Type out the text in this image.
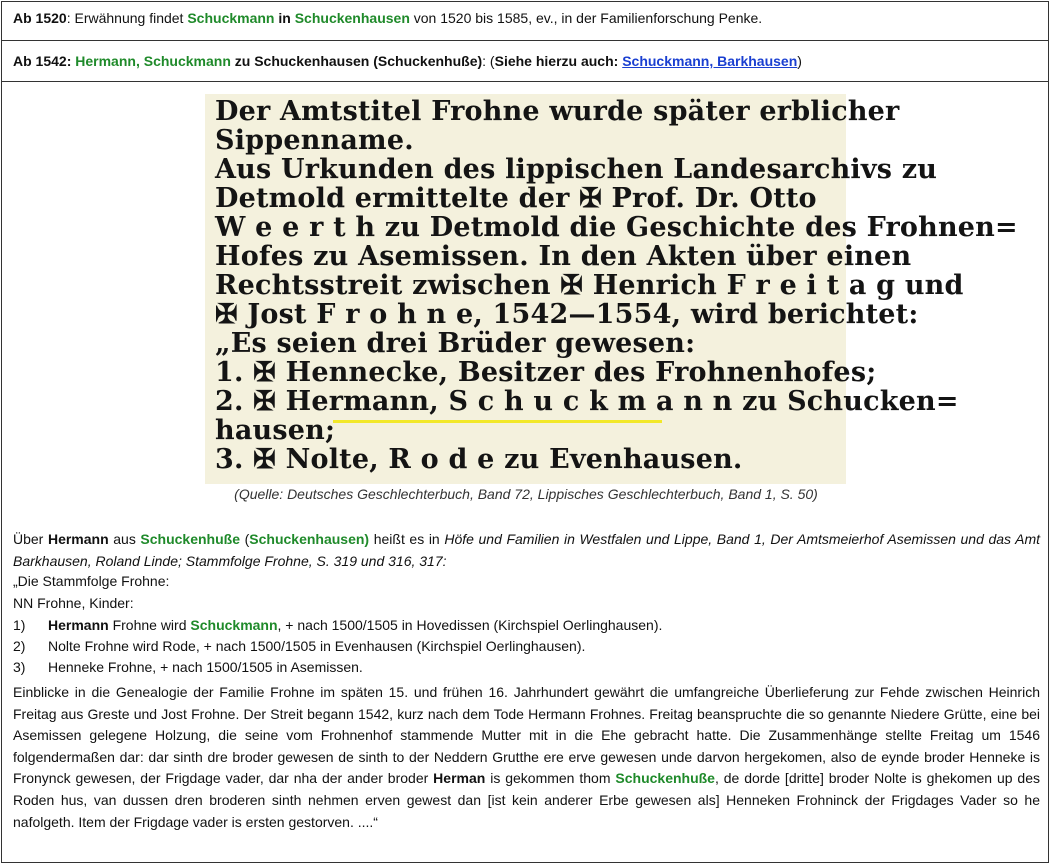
Ab 1520: Erwähnung findet Schuckmann in Schuckenhausen von 1520 bis 1585, ev., in der Familienforschung Penke.
Ab 1542: Hermann, Schuckmann zu Schuckenhausen (Schuckenhuße): (Siehe hierzu auch: Schuckmann, Barkhausen)
Der Amtstitel Frohne wurde später erblicher
Sippenname.
Aus Urkunden des lippischen Landesarchivs zu
Detmold ermittelte der ✠ Prof. Dr. Otto
W e e r t h zu Detmold die Geschichte des Frohnen=
Hofes zu Asemissen. In den Akten über einen
Rechtsstreit zwischen ✠ Henrich F r e i t a g und
✠ Jost F r o h n e, 1542—1554, wird berichtet:
„Es seien drei Brüder gewesen:
1. ✠ Hennecke, Besitzer des Frohnenhofes;
2. ✠ Hermann, S c h u c k m a n n zu Schucken=
hausen;
3. ✠ Nolte, R o d e zu Evenhausen.
(Quelle: Deutsches Geschlechterbuch, Band 72, Lippisches Geschlechterbuch, Band 1, S. 50)
Über Hermann aus Schuckenhuße (Schuckenhausen) heißt es in Höfe und Familien in Westfalen und Lippe, Band 1, Der Amtsmeierhof Asemissen und das Amt Barkhausen, Roland Linde; Stammfolge Frohne, S. 319 und 316, 317:
„Die Stammfolge Frohne:
NN Frohne, Kinder:
1) Hermann Frohne wird Schuckmann, + nach 1500/1505 in Hovedissen (Kirchspiel Oerlinghausen).
2) Nolte Frohne wird Rode, + nach 1500/1505 in Evenhausen (Kirchspiel Oerlinghausen).
3) Henneke Frohne, + nach 1500/1505 in Asemissen.
Einblicke in die Genealogie der Familie Frohne im späten 15. und frühen 16. Jahrhundert gewährt die umfangreiche Überlieferung zur Fehde zwischen Heinrich Freitag aus Greste und Jost Frohne. Der Streit begann 1542, kurz nach dem Tode Hermann Frohnes. Freitag beanspruchte die so genannte Niedere Grütte, eine bei Asemissen gelegene Holzung, die seine vom Frohnenhof stammende Mutter mit in die Ehe gebracht hatte. Die Zusammenhänge stellte Freitag um 1546 folgendermaßen dar: dar sinth dre broder gewesen de sinth to der Neddern Grutthe ere erve gewesen unde darvon hergekomen, also de eynde broder Henneke is Fronynck gewesen, der Frigdage vader, dar nha der ander broder Herman is gekommen thom Schuckenhuße, de dorde [dritte] broder Nolte is ghekomen up des Roden hus, van dussen dren broderen sinth nehmen erven gewest dan [ist kein anderer Erbe gewesen als] Henneken Frohninck der Frigdages Vader so he nafolgeth. Item der Frigdage vader is ersten gestorven. ....“
